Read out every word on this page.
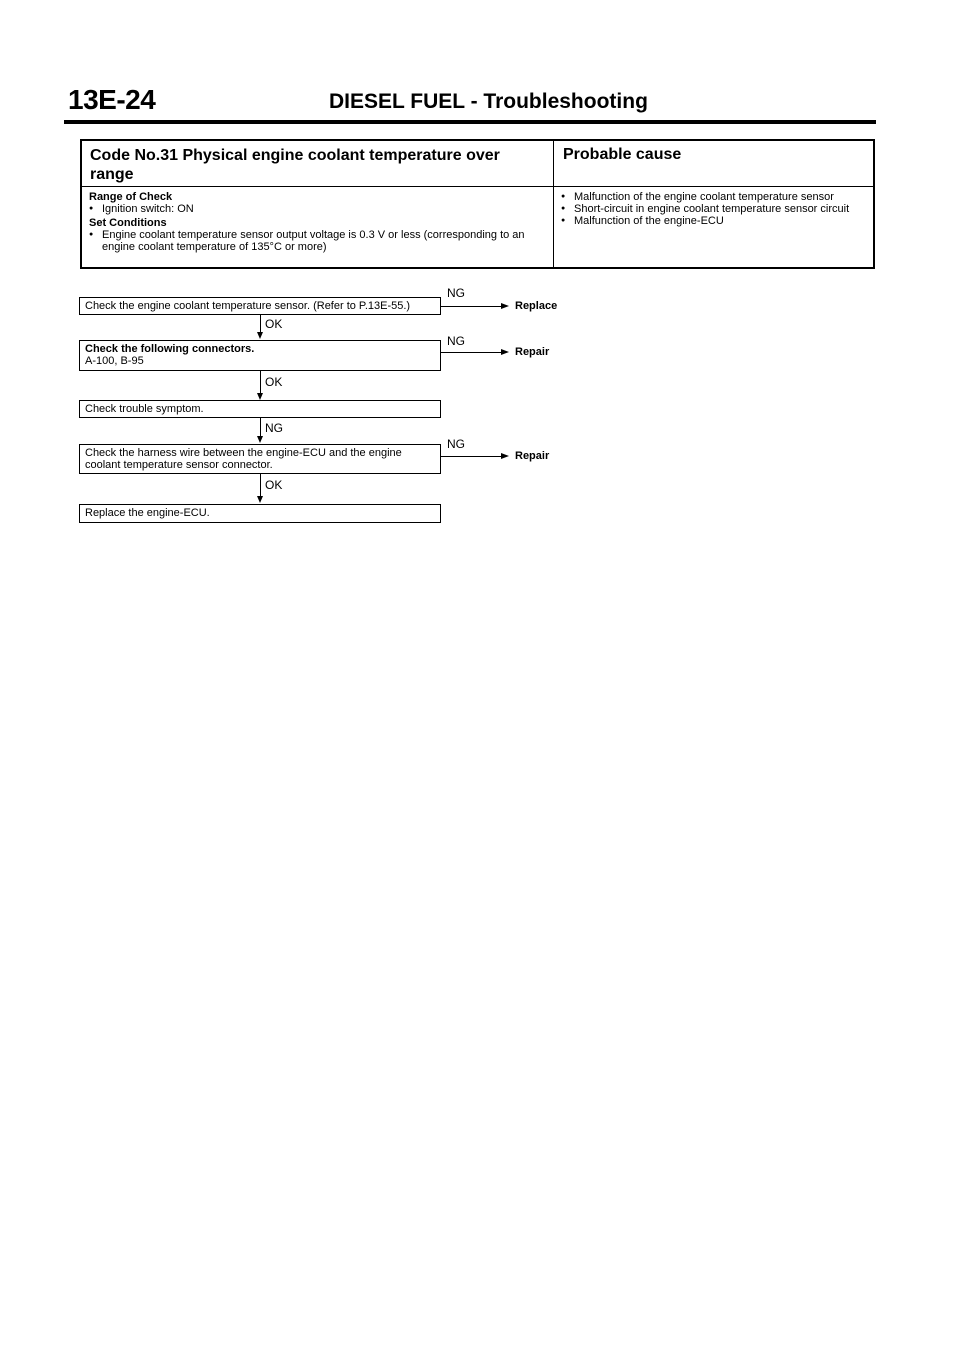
13E-24	DIESEL FUEL - Troubleshooting
Code No.31 Physical engine coolant temperature over range
Probable cause
Range of Check
● Ignition switch: ON
Set Conditions
● Engine coolant temperature sensor output voltage is 0.3 V or less (corresponding to an engine coolant temperature of 135°C or more)
● Malfunction of the engine coolant temperature sensor
● Short-circuit in engine coolant temperature sensor circuit
● Malfunction of the engine-ECU
Check the engine coolant temperature sensor. (Refer to P.13E-55.)
NG
Replace
OK
Check the following connectors.
A-100, B-95
NG
Repair
OK
Check trouble symptom.
NG
Check the harness wire between the engine-ECU and the engine coolant temperature sensor connector.
NG
Repair
OK
Replace the engine-ECU.
